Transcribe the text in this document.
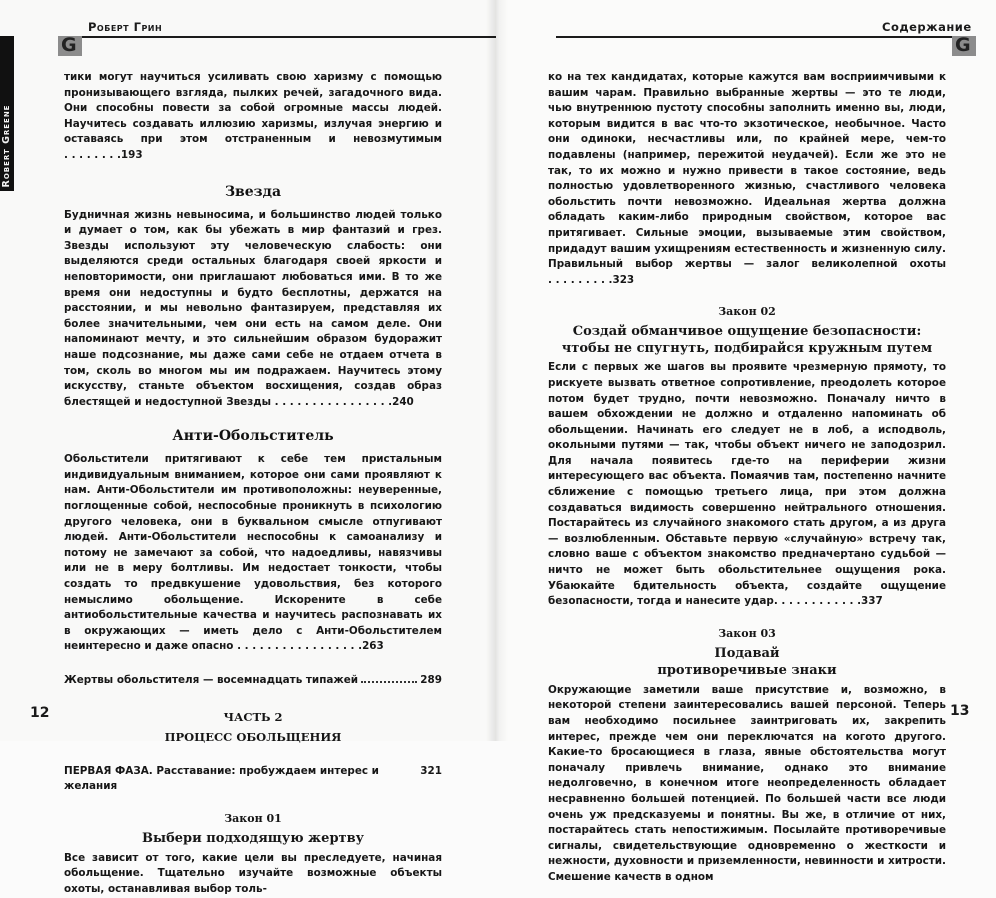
G
Роберт Грин
Robert Greene

тики могут научиться усиливать свою харизму с помощью пронизывающего взгляда, пылких речей, загадочного вида. Они способны повести за собой огромные массы людей. Научитесь создавать иллюзию харизмы, излучая энергию и оставаясь при этом отстраненным и невозмутимым . . . . . . . .193

Звезда

Будничная жизнь невыносима, и большинство людей только и думает о том, как бы убежать в мир фантазий и грез. Звезды используют эту человеческую слабость: они выделяются среди остальных благодаря своей яркости и неповторимости, они приглашают любоваться ими. В то же время они недоступны и будто бесплотны, держатся на расстоянии, и мы невольно фантазируем, представляя их более значительными, чем они есть на самом деле. Они напоминают мечту, и это сильнейшим образом будоражит наше подсознание, мы даже сами себе не отдаем отчета в том, сколь во многом мы им подражаем. Научитесь этому искусству, станьте объектом восхищения, создав образ блестящей и недоступной Звезды . . . . . . . . . . . . . . . .240

Анти-Обольститель

Обольстители притягивают к себе тем пристальным индивидуальным вниманием, которое они сами проявляют к нам. Анти-Обольстители им противоположны: неуверенные, поглощенные собой, неспособные проникнуть в психологию другого человека, они в буквальном смысле отпугивают людей. Анти-Обольстители неспособны к самоанализу и потому не замечают за собой, что надоедливы, навязчивы или не в меру болтливы. Им недостает тонкости, чтобы создать то предвкушение удовольствия, без которого немыслимо обольщение. Искорените в себе антиобольстительные качества и научитесь распознавать их в окружающих — иметь дело с Анти-Обольстителем неинтересно и даже опасно . . . . . . . . . . . . . . . . .263

Жертвы обольстителя — восемнадцать типажей	289
ЧАСТЬ 2
ПРОЦЕСС ОБОЛЬЩЕНИЯ
ПЕРВАЯ ФАЗА. Расставание: пробуждаем интерес и желания
321
Закон 01
Выбери подходящую жертву

Все зависит от того, какие цели вы преследуете, начиная обольщение. Тщательно изучайте возможные объекты охоты, останавливая выбор толь-

12
G
Содержание

ко на тех кандидатах, которые кажутся вам восприимчивыми к вашим чарам. Правильно выбранные жертвы — это те люди, чью внутреннюю пустоту способны заполнить именно вы, люди, которым видится в вас что-то экзотическое, необычное. Часто они одиноки, несчастливы или, по крайней мере, чем-то подавлены (например, пережитой неудачей). Если же это не так, то их можно и нужно привести в такое состояние, ведь полностью удовлетворенного жизнью, счастливого человека обольстить почти невозможно. Идеальная жертва должна обладать каким-либо природным свойством, которое вас притягивает. Сильные эмоции, вызываемые этим свойством, придадут вашим ухищрениям естественность и жизненную силу. Правильный выбор жертвы — залог великолепной охоты . . . . . . . . .323

Закон 02
Создай обманчивое ощущение безопасности:
чтобы не спугнуть, подбирайся кружным путем

Если с первых же шагов вы проявите чрезмерную прямоту, то рискуете вызвать ответное сопротивление, преодолеть которое потом будет трудно, почти невозможно. Поначалу ничто в вашем обхождении не должно и отдаленно напоминать об обольщении. Начинать его следует не в лоб, а исподволь, окольными путями — так, чтобы объект ничего не заподозрил. Для начала появитесь где-то на периферии жизни интересующего вас объекта. Помаячив там, постепенно начните сближение с помощью третьего лица, при этом должна создаваться видимость совершенно нейтрального отношения. Постарайтесь из случайного знакомого стать другом, а из друга — возлюбленным. Обставьте первую «случайную» встречу так, словно ваше с объектом знакомство предначертано судьбой — ничто не может быть обольстительнее ощущения рока. Убаюкайте бдительность объекта, создайте ощущение безопасности, тогда и нанесите удар. . . . . . . . . . . .337

Закон 03
Подавай
противоречивые знаки

Окружающие заметили ваше присутствие и, возможно, в некоторой степени заинтересовались вашей персоной. Теперь вам необходимо посильнее заинтриговать их, закрепить интерес, прежде чем они переключатся на когото другого. Какие-то бросающиеся в глаза, явные обстоятельства могут поначалу привлечь внимание, однако это внимание недолговечно, в конечном итоге неопределенность обладает несравненно большей потенцией. По большей части все люди очень уж предсказуемы и понятны. Вы же, в отличие от них, постарайтесь стать непостижимым. Посылайте противоречивые сигналы, свидетельствующие одновременно о жесткости и нежности, духовности и приземленности, невинности и хитрости. Смешение качеств в одном

13
